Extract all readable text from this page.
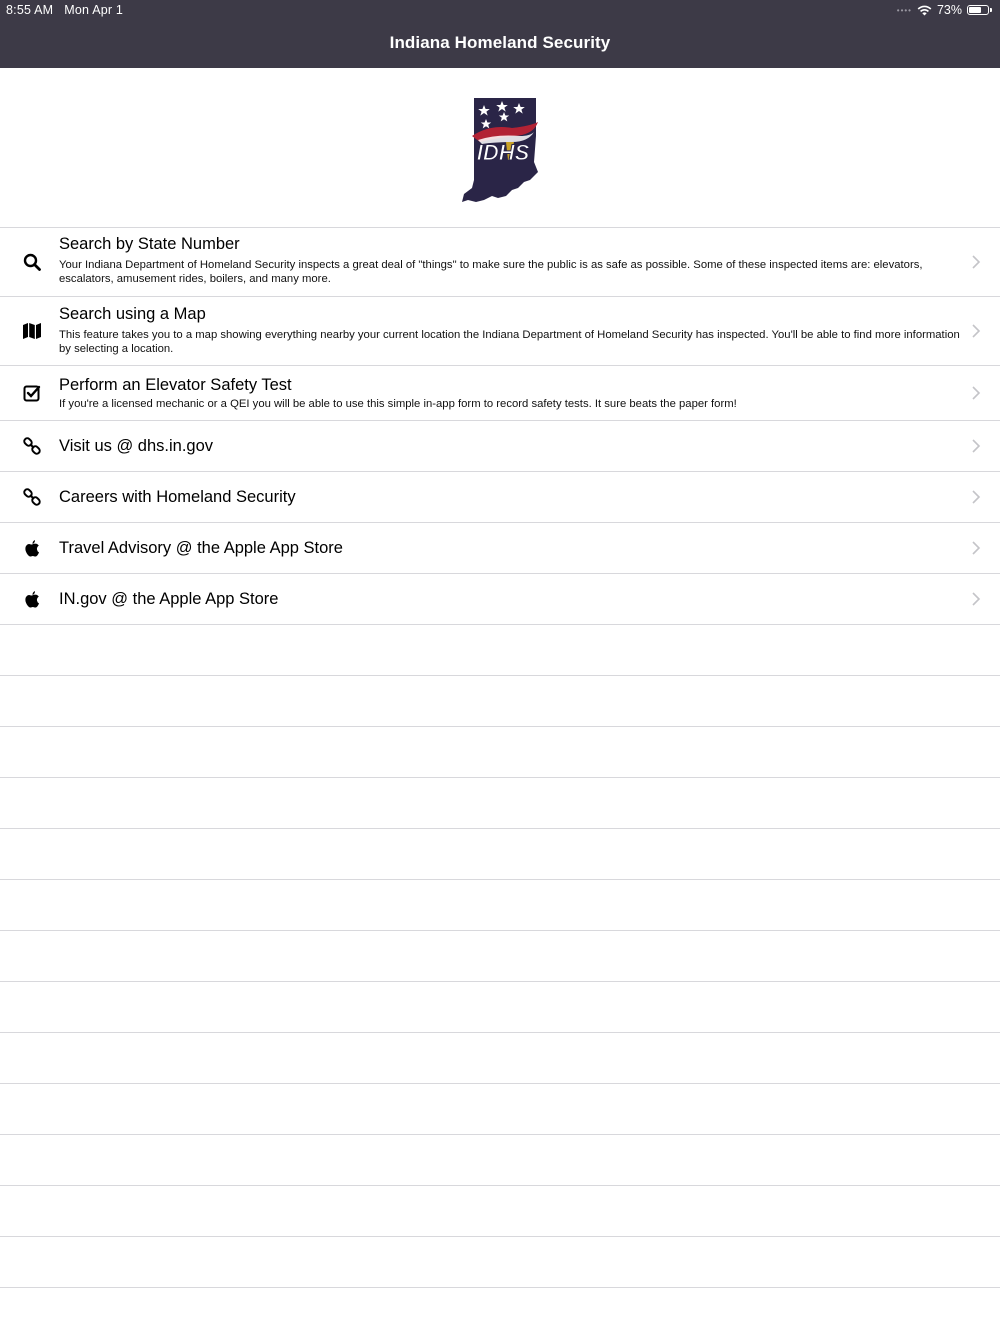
8:55 AM Mon Apr 1	•••• 73%
Indiana Homeland Security
IDHS
Search by State Number
Your Indiana Department of Homeland Security inspects a great deal of "things" to make sure the public is as safe as possible. Some of these inspected items are: elevators, escalators, amusement rides, boilers, and many more.
Search using a Map
This feature takes you to a map showing everything nearby your current location the Indiana Department of Homeland Security has inspected. You'll be able to find more information by selecting a location.
Perform an Elevator Safety Test
If you're a licensed mechanic or a QEI you will be able to use this simple in-app form to record safety tests. It sure beats the paper form!
Visit us @ dhs.in.gov
Careers with Homeland Security
Travel Advisory @ the Apple App Store
IN.gov @ the Apple App Store
